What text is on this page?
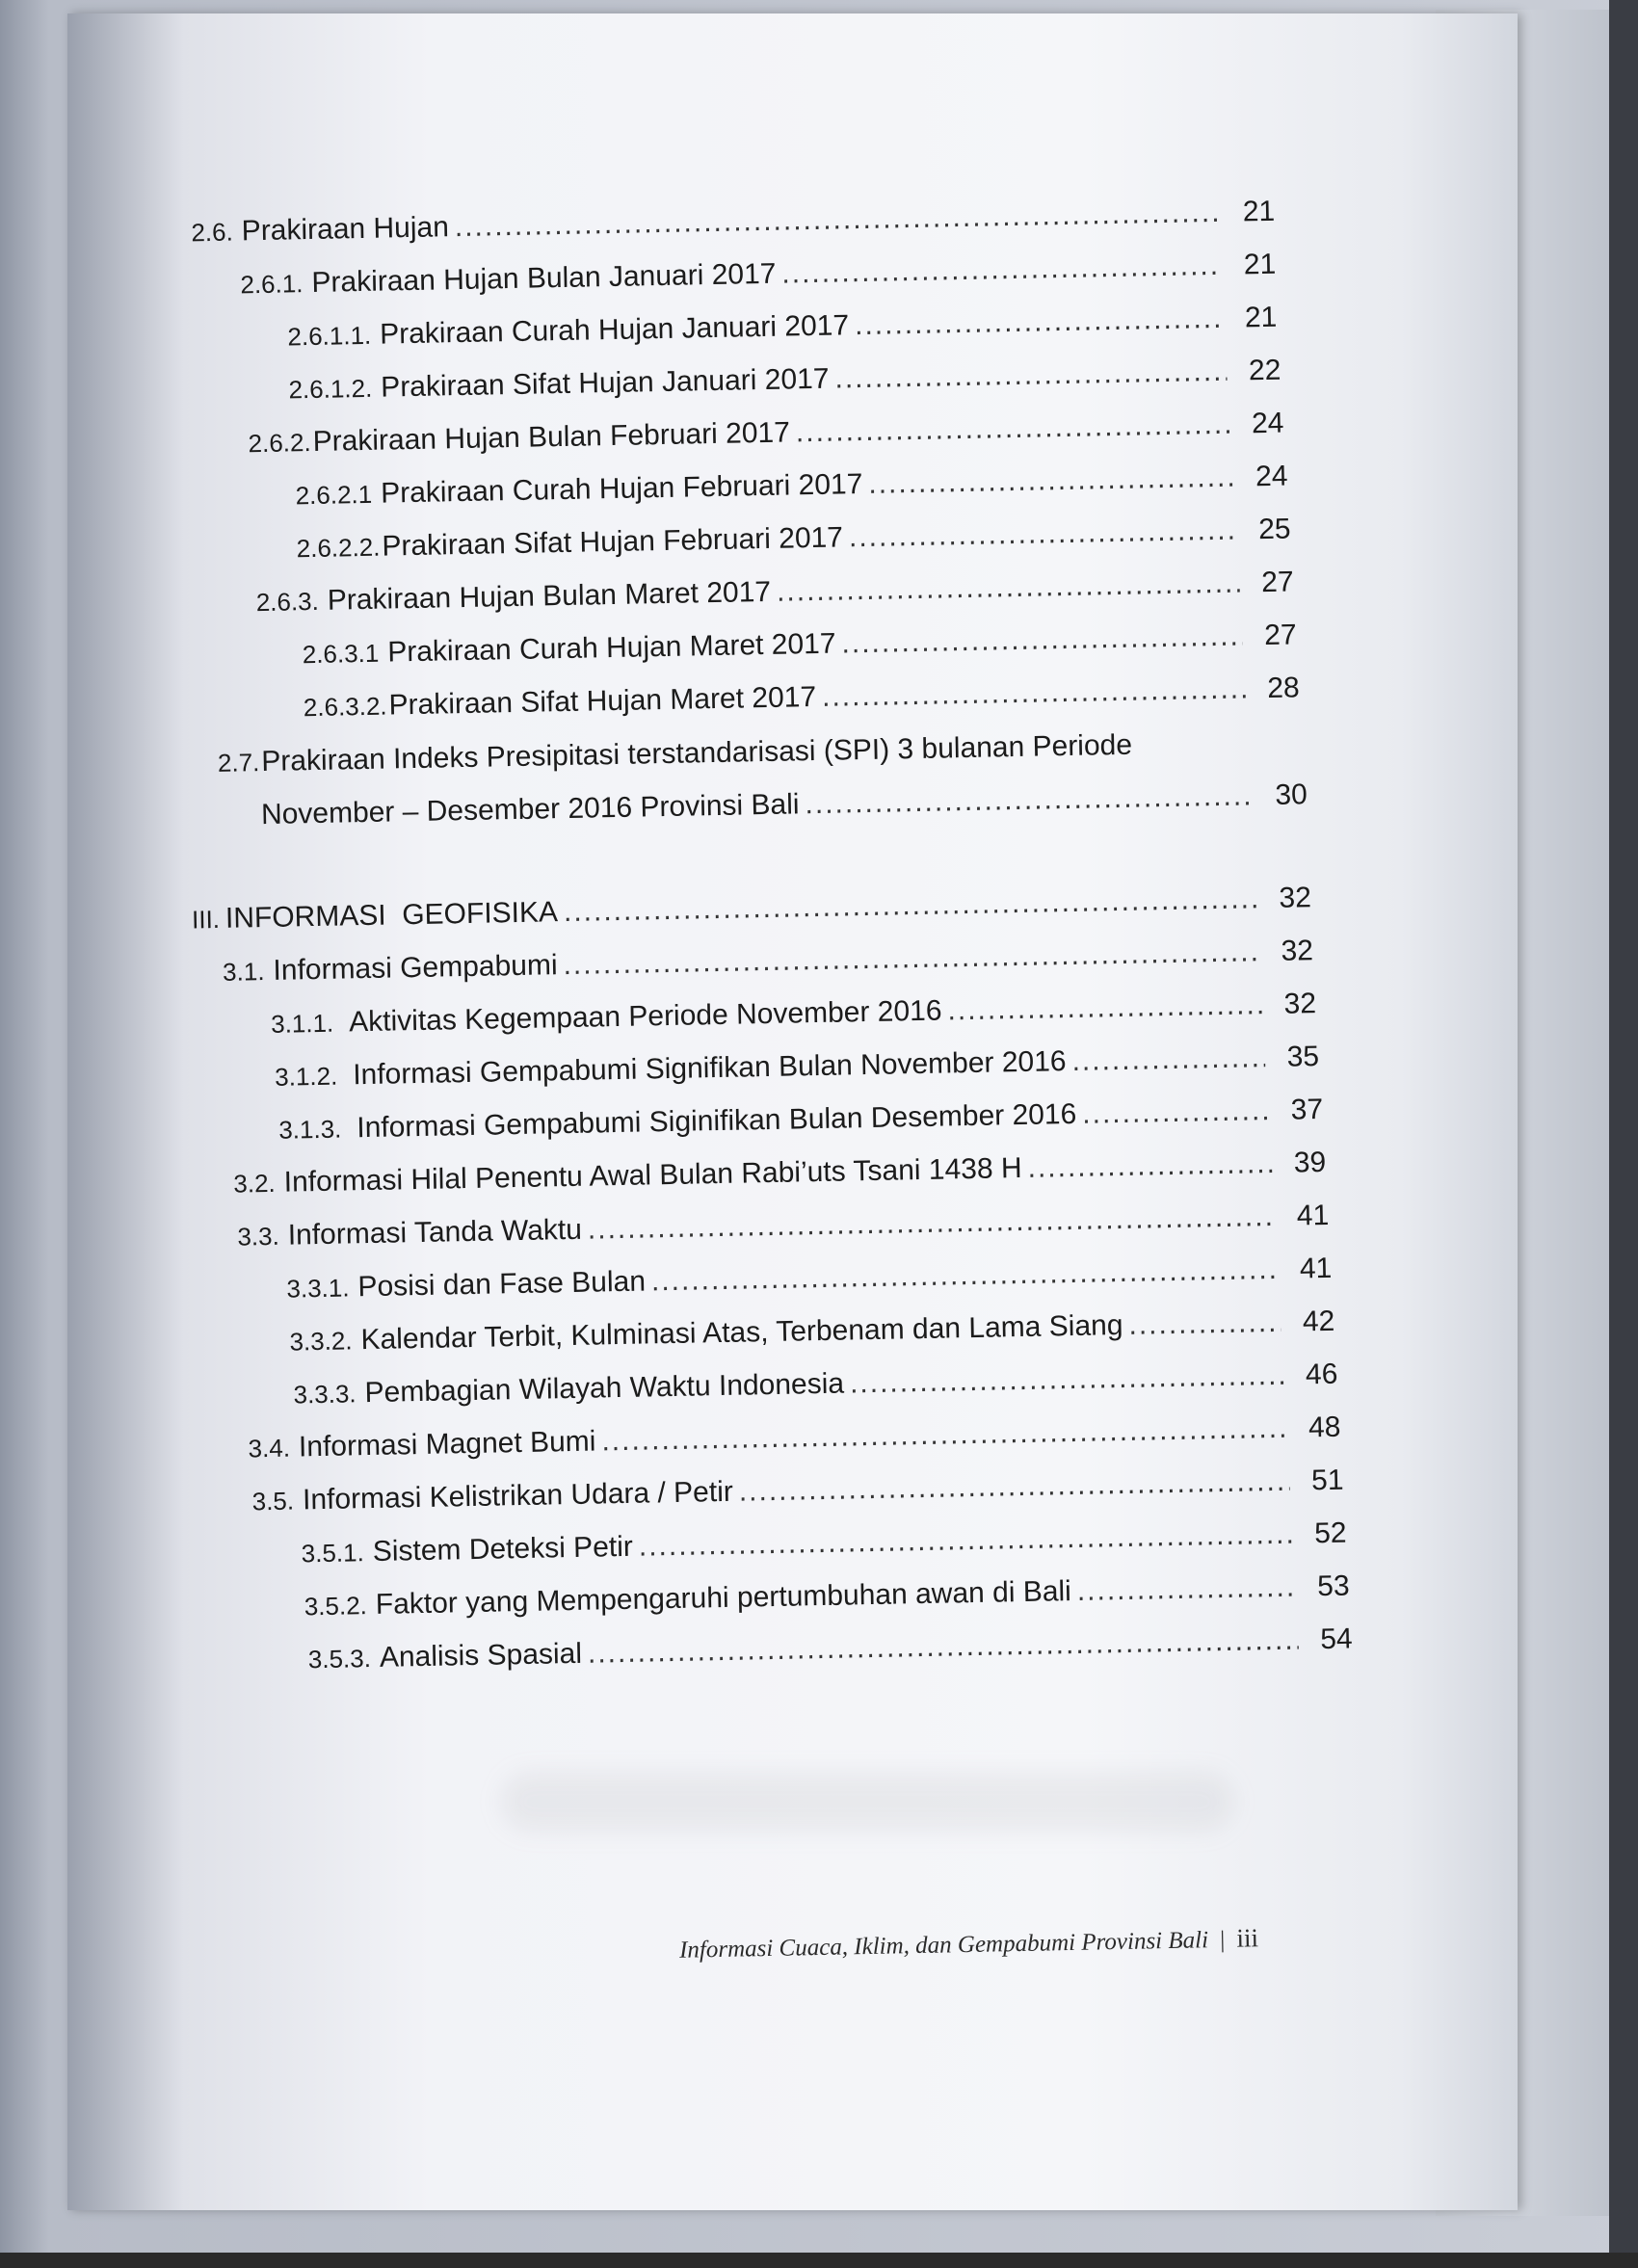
2.6. Prakiraan Hujan .....	21
2.6.1. Prakiraan Hujan Bulan Januari 2017 .....	21
2.6.1.1. Prakiraan Curah Hujan Januari 2017 .....	21
2.6.1.2. Prakiraan Sifat Hujan Januari 2017 .....	22
2.6.2. Prakiraan Hujan Bulan Februari 2017 .....	24
2.6.2.1 Prakiraan Curah Hujan Februari 2017 .....	24
2.6.2.2. Prakiraan Sifat Hujan Februari 2017 .....	25
2.6.3. Prakiraan Hujan Bulan Maret 2017 .....	27
2.6.3.1 Prakiraan Curah Hujan Maret 2017 .....	27
2.6.3.2. Prakiraan Sifat Hujan Maret 2017 .....	28
2.7. Prakiraan Indeks Presipitasi terstandarisasi (SPI) 3 bulanan Periode
November – Desember 2016 Provinsi Bali .....	30
III. INFORMASI  GEOFISIKA .....	32
3.1. Informasi Gempabumi .....	32
3.1.1. Aktivitas Kegempaan Periode November 2016 .....	32
3.1.2. Informasi Gempabumi Signifikan Bulan November 2016 .....	35
3.1.3. Informasi Gempabumi Siginifikan Bulan Desember 2016 .....	37
3.2. Informasi Hilal Penentu Awal Bulan Rabi’uts Tsani 1438 H .....	39
3.3. Informasi Tanda Waktu .....	41
3.3.1. Posisi dan Fase Bulan .....	41
3.3.2. Kalendar Terbit, Kulminasi Atas, Terbenam dan Lama Siang .....	42
3.3.3. Pembagian Wilayah Waktu Indonesia .....	46
3.4. Informasi Magnet Bumi .....	48
3.5. Informasi Kelistrikan Udara / Petir .....	51
3.5.1. Sistem Deteksi Petir .....	52
3.5.2. Faktor yang Mempengaruhi pertumbuhan awan di Bali .....	53
3.5.3. Analisis Spasial .....	54
Informasi Cuaca, Iklim, dan Gempabumi Provinsi Bali | iii
